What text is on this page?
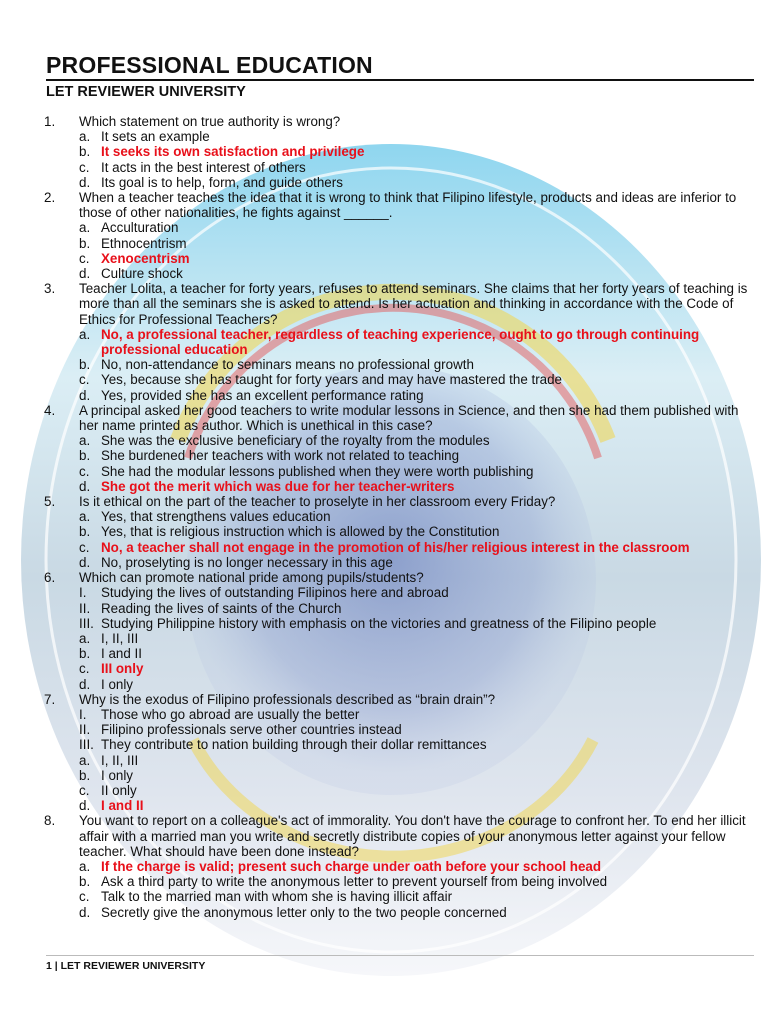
PROFESSIONAL EDUCATION
LET REVIEWER UNIVERSITY
1. Which statement on true authority is wrong?
a. It sets an example
b. It seeks its own satisfaction and privilege
c. It acts in the best interest of others
d. Its goal is to help, form, and guide others
2. When a teacher teaches the idea that it is wrong to think that Filipino lifestyle, products and ideas are inferior to those of other nationalities, he fights against ______.
a. Acculturation
b. Ethnocentrism
c. Xenocentrism
d. Culture shock
3. Teacher Lolita, a teacher for forty years, refuses to attend seminars. She claims that her forty years of teaching is more than all the seminars she is asked to attend. Is her actuation and thinking in accordance with the Code of Ethics for Professional Teachers?
a. No, a professional teacher, regardless of teaching experience, ought to go through continuing professional education
b. No, non-attendance to seminars means no professional growth
c. Yes, because she has taught for forty years and may have mastered the trade
d. Yes, provided she has an excellent performance rating
4. A principal asked her good teachers to write modular lessons in Science, and then she had them published with her name printed as author. Which is unethical in this case?
a. She was the exclusive beneficiary of the royalty from the modules
b. She burdened her teachers with work not related to teaching
c. She had the modular lessons published when they were worth publishing
d. She got the merit which was due for her teacher-writers
5. Is it ethical on the part of the teacher to proselyte in her classroom every Friday?
a. Yes, that strengthens values education
b. Yes, that is religious instruction which is allowed by the Constitution
c. No, a teacher shall not engage in the promotion of his/her religious interest in the classroom
d. No, proselyting is no longer necessary in this age
6. Which can promote national pride among pupils/students?
I. Studying the lives of outstanding Filipinos here and abroad
II. Reading the lives of saints of the Church
III. Studying Philippine history with emphasis on the victories and greatness of the Filipino people
a. I, II, III
b. I and II
c. III only
d. I only
7. Why is the exodus of Filipino professionals described as “brain drain”?
I. Those who go abroad are usually the better
II. Filipino professionals serve other countries instead
III. They contribute to nation building through their dollar remittances
a. I, II, III
b. I only
c. II only
d. I and II
8. You want to report on a colleague's act of immorality. You don't have the courage to confront her. To end her illicit affair with a married man you write and secretly distribute copies of your anonymous letter against your fellow teacher. What should have been done instead?
a. If the charge is valid; present such charge under oath before your school head
b. Ask a third party to write the anonymous letter to prevent yourself from being involved
c. Talk to the married man with whom she is having illicit affair
d. Secretly give the anonymous letter only to the two people concerned
1 | LET REVIEWER UNIVERSITY
